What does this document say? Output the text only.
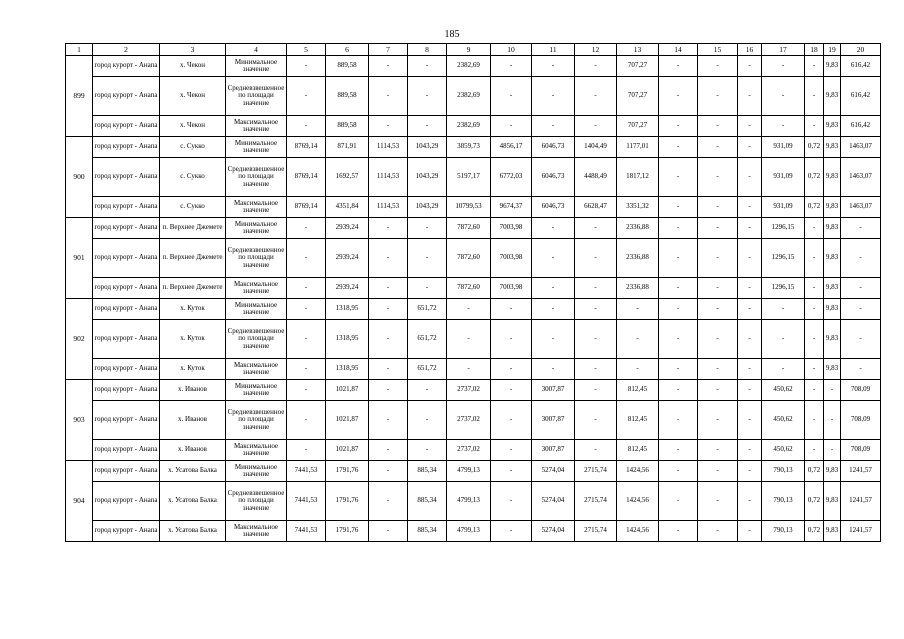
185
1	2	3	4	5	6	7	8	9	10	11	12	13	14	15	16	17	18	19	20
899	город курорт - Анапа	х. Чекон	Минимальное значение	-	889,58	-	-	2382,69	-	-	-	707,27	-	-	-	-	-	9,83	616,42
	город курорт - Анапа	х. Чекон	Средневзвешенное по площади значение	-	889,58	-	-	2382,69	-	-	-	707,27	-	-	-	-	-	9,83	616,42
	город курорт - Анапа	х. Чекон	Максимальное значение	-	889,58	-	-	2382,69	-	-	-	707,27	-	-	-	-	-	9,83	616,42
900	город курорт - Анапа	с. Сукко	Минимальное значение	8769,14	871,91	1114,53	1043,29	3859,73	4856,17	6046,73	1404,49	1177,01	-	-	-	931,09	0,72	9,83	1463,07
	город курорт - Анапа	с. Сукко	Средневзвешенное по площади значение	8769,14	1692,57	1114,53	1043,29	5197,17	6772,03	6046,73	4488,49	1817,12	-	-	-	931,09	0,72	9,83	1463,07
	город курорт - Анапа	с. Сукко	Максимальное значение	8769,14	4351,84	1114,53	1043,29	10799,53	9674,37	6046,73	6628,47	3351,32	-	-	-	931,09	0,72	9,83	1463,07
901	город курорт - Анапа	п. Верхнее Джемете	Минимальное значение	-	2939,24	-	-	7872,60	7003,98	-	-	2336,88	-	-	-	1296,15	-	9,83	-
	город курорт - Анапа	п. Верхнее Джемете	Средневзвешенное по площади значение	-	2939,24	-	-	7872,60	7003,98	-	-	2336,88	-	-	-	1296,15	-	9,83	-
	город курорт - Анапа	п. Верхнее Джемете	Максимальное значение	-	2939,24	-	-	7872,60	7003,98	-	-	2336,88	-	-	-	1296,15	-	9,83	-
902	город курорт - Анапа	х. Куток	Минимальное значение	-	1318,95	-	651,72	-	-	-	-	-	-	-	-	-	-	9,83	-
	город курорт - Анапа	х. Куток	Средневзвешенное по площади значение	-	1318,95	-	651,72	-	-	-	-	-	-	-	-	-	-	9,83	-
	город курорт - Анапа	х. Куток	Максимальное значение	-	1318,95	-	651,72	-	-	-	-	-	-	-	-	-	-	9,83	-
903	город курорт - Анапа	х. Иванов	Минимальное значение	-	1021,87	-	-	2737,02	-	3007,87	-	812,45	-	-	-	450,62	-	-	708,09
	город курорт - Анапа	х. Иванов	Средневзвешенное по площади значение	-	1021,87	-	-	2737,02	-	3007,87	-	812,45	-	-	-	450,62	-	-	708,09
	город курорт - Анапа	х. Иванов	Максимальное значение	-	1021,87	-	-	2737,02	-	3007,87	-	812,45	-	-	-	450,62	-	-	708,09
904	город курорт - Анапа	х. Усатова Балка	Минимальное значение	7441,53	1791,76	-	885,34	4799,13	-	5274,04	2715,74	1424,56	-	-	-	790,13	0,72	9,83	1241,57
	город курорт - Анапа	х. Усатова Балка	Средневзвешенное по площади значение	7441,53	1791,76	-	885,34	4799,13	-	5274,04	2715,74	1424,56	-	-	-	790,13	0,72	9,83	1241,57
	город курорт - Анапа	х. Усатова Балка	Максимальное значение	7441,53	1791,76	-	885,34	4799,13	-	5274,04	2715,74	1424,56	-	-	-	790,13	0,72	9,83	1241,57
